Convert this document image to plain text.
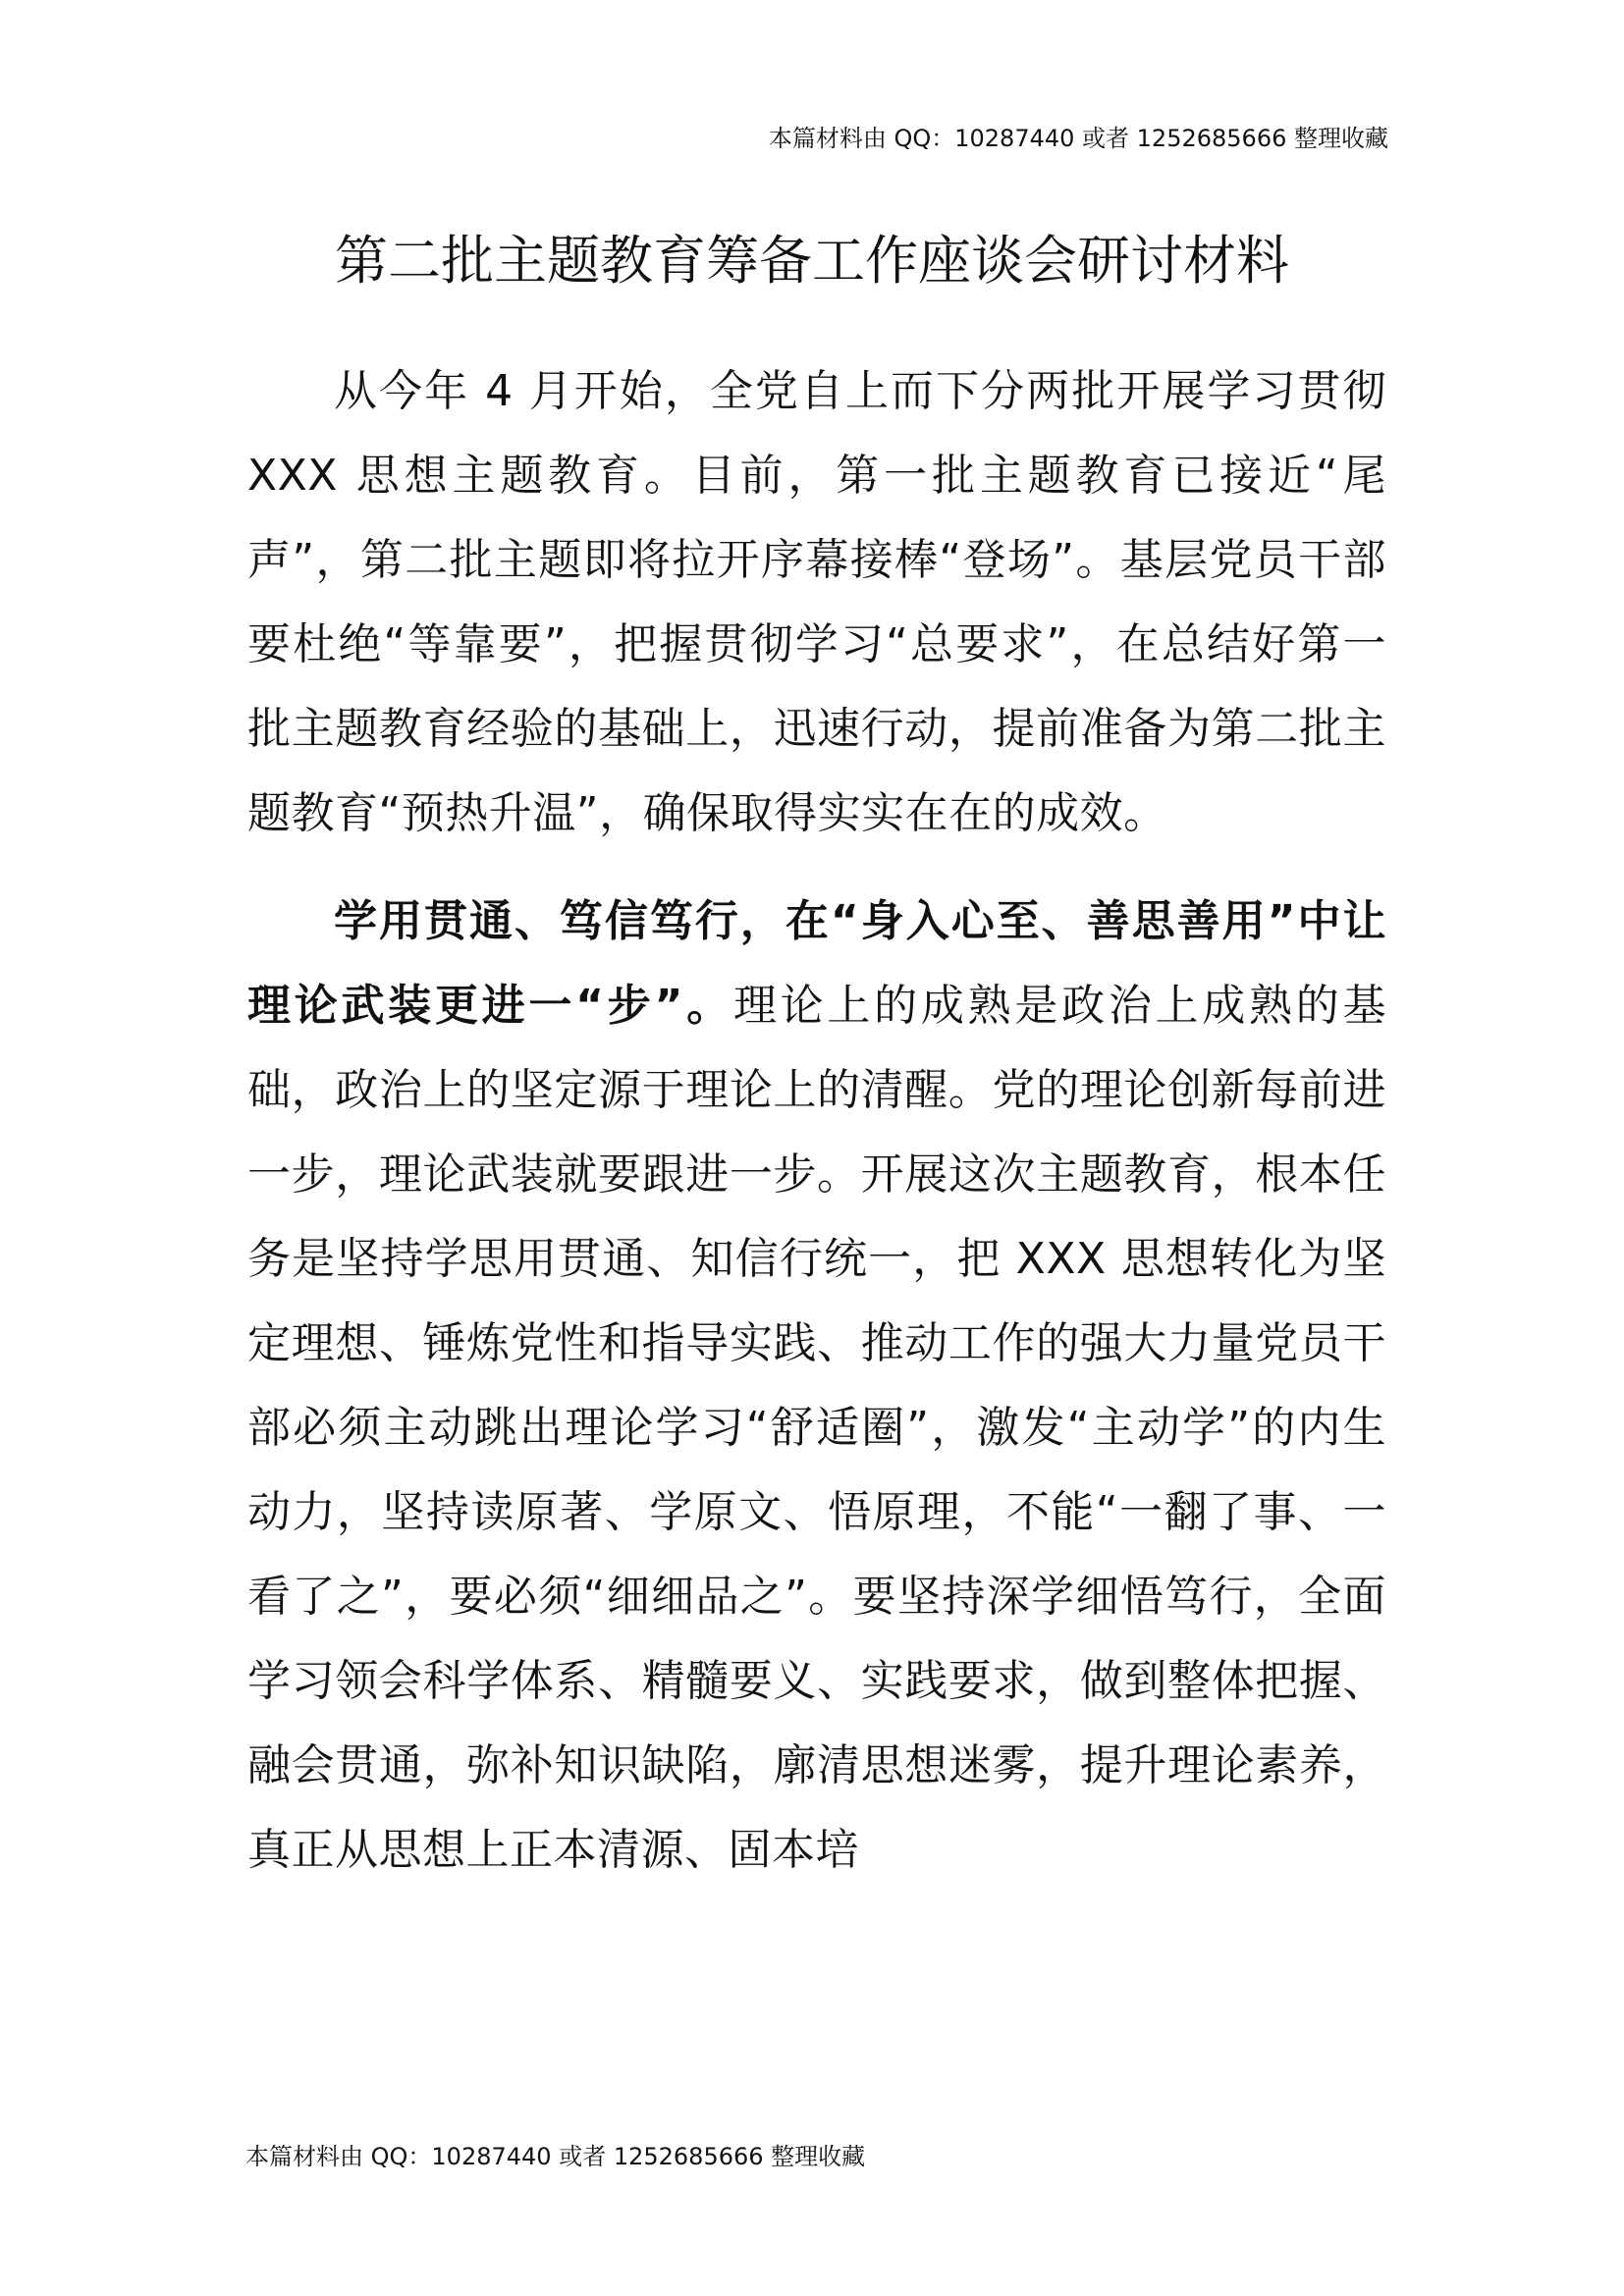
本篇材料由 QQ：10287440 或者 1252685666 整理收藏
第二批主题教育筹备工作座谈会研讨材料

从今年 4 月开始，全党自上而下分两批开展学习贯彻 XXX 思想主题教育。目前，第一批主题教育已接近“尾声”，第二批主题即将拉开序幕接棒“登场”。基层党员干部要杜绝“等靠要”，把握贯彻学习“总要求”，在总结好第一批主题教育经验的基础上，迅速行动，提前准备为第二批主题教育“预热升温”，确保取得实实在在的成效。

学用贯通、笃信笃行，在“身入心至、善思善用”中让理论武装更进一“步”。理论上的成熟是政治上成熟的基础，政治上的坚定源于理论上的清醒。党的理论创新每前进一步，理论武装就要跟进一步。开展这次主题教育，根本任务是坚持学思用贯通、知信行统一，把 XXX 思想转化为坚定理想、锤炼党性和指导实践、推动工作的强大力量党员干部必须主动跳出理论学习“舒适圈”，激发“主动学”的内生动力，坚持读原著、学原文、悟原理，不能“一翻了事、一看了之”，要必须“细细品之”。要坚持深学细悟笃行，全面学习领会科学体系、精髓要义、实践要求，做到整体把握、融会贯通，弥补知识缺陷，廓清思想迷雾，提升理论素养，真正从思想上正本清源、固本培

本篇材料由 QQ：10287440 或者 1252685666 整理收藏
